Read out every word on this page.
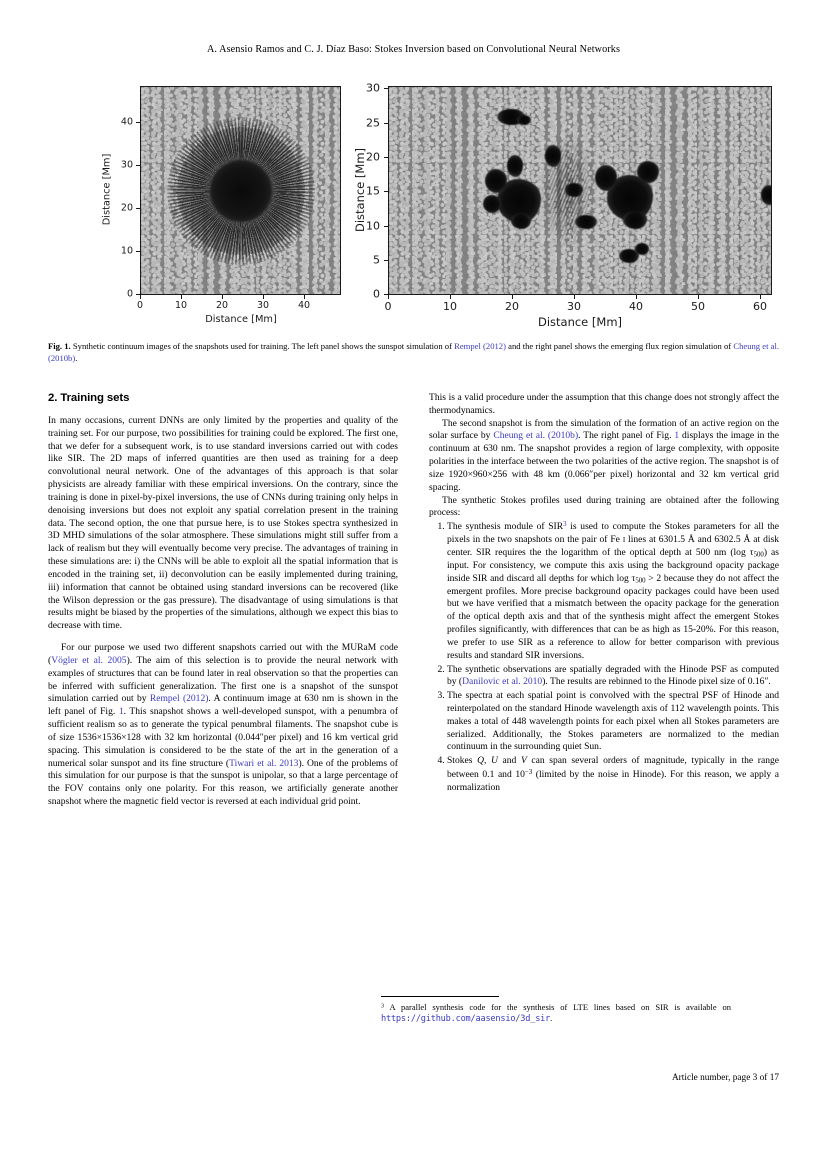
A. Asensio Ramos and C. J. Díaz Baso: Stokes Inversion based on Convolutional Neural Networks
0	10	20	30	40
Distance [Mm]
0
10
20
30
40
Distance [Mm]
0	10	20	30	40	50	60
Distance [Mm]
0
5
10
15
20
25
30
Distance [Mm]
Fig. 1. Synthetic continuum images of the snapshots used for training. The left panel shows the sunspot simulation of Rempel (2012) and the right panel shows the emerging flux region simulation of Cheung et al. (2010b).
2. Training sets

In many occasions, current DNNs are only limited by the properties and quality of the training set. For our purpose, two possibilities for training could be explored. The first one, that we defer for a subsequent work, is to use standard inversions carried out with codes like SIR. The 2D maps of inferred quantities are then used as training for a deep convolutional neural network. One of the advantages of this approach is that solar physicists are already familiar with these empirical inversions. On the contrary, since the training is done in pixel-by-pixel inversions, the use of CNNs during training only helps in denoising inversions but does not exploit any spatial correlation present in the training data. The second option, the one that pursue here, is to use Stokes spectra synthesized in 3D MHD simulations of the solar atmosphere. These simulations might still suffer from a lack of realism but they will eventually become very precise. The advantages of training in these simulations are: i) the CNNs will be able to exploit all the spatial information that is encoded in the training set, ii) deconvolution can be easily implemented during training, iii) information that cannot be obtained using standard inversions can be recovered (like the Wilson depression or the gas pressure). The disadvantage of using simulations is that results might be biased by the properties of the simulations, although we expect this bias to decrease with time.

For our purpose we used two different snapshots carried out with the MURaM code (Vögler et al. 2005). The aim of this selection is to provide the neural network with examples of structures that can be found later in real observation so that the properties can be inferred with sufficient generalization. The first one is a snapshot of the sunspot simulation carried out by Rempel (2012). A continuum image at 630 nm is shown in the left panel of Fig. 1. This snapshot shows a well-developed sunspot, with a penumbra of sufficient realism so as to generate the typical penumbral filaments. The snapshot cube is of size 1536×1536×128 with 32 km horizontal (0.044″per pixel) and 16 km vertical grid spacing. This simulation is considered to be the state of the art in the generation of a numerical solar sunspot and its fine structure (Tiwari et al. 2013). One of the problems of this simulation for our purpose is that the sunspot is unipolar, so that a large percentage of the FOV contains only one polarity. For this reason, we artificially generate another snapshot where the magnetic field vector is reversed at each individual grid point.

This is a valid procedure under the assumption that this change does not strongly affect the thermodynamics.

The second snapshot is from the simulation of the formation of an active region on the solar surface by Cheung et al. (2010b). The right panel of Fig. 1 displays the image in the continuum at 630 nm. The snapshot provides a region of large complexity, with opposite polarities in the interface between the two polarities of the active region. The snapshot is of size 1920×960×256 with 48 km (0.066″per pixel) horizontal and 32 km vertical grid spacing.

The synthetic Stokes profiles used during training are obtained after the following process:

1. The synthesis module of SIR$^3$ is used to compute the Stokes parameters for all the pixels in the two snapshots on the pair of Fe i lines at 6301.5 Å and 6302.5 Å at disk center. SIR requires the the logarithm of the optical depth at 500 nm (log $\tau_{500}$) as input. For consistency, we compute this axis using the background opacity package inside SIR and discard all depths for which $\log \tau_{500} > 2$ because they do not affect the emergent profiles. More precise background opacity packages could have been used but we have verified that a mismatch between the opacity package for the generation of the optical depth axis and that of the synthesis might affect the emergent Stokes profiles significantly, with differences that can be as high as 15-20%. For this reason, we prefer to use SIR as a reference to allow for better comparison with previous results and standard SIR inversions.
2. The synthetic observations are spatially degraded with the Hinode PSF as computed by (Danilovic et al. 2010). The results are rebinned to the Hinode pixel size of 0.16″.
3. The spectra at each spatial point is convolved with the spectral PSF of Hinode and reinterpolated on the standard Hinode wavelength axis of 112 wavelength points. This makes a total of 448 wavelength points for each pixel when all Stokes parameters are serialized. Additionally, the Stokes parameters are normalized to the median continuum in the surrounding quiet Sun.
4. Stokes Q, U and V can span several orders of magnitude, typically in the range between 0.1 and $10^{-3}$ (limited by the noise in Hinode). For this reason, we apply a normalization
$^3$ A parallel synthesis code for the synthesis of LTE lines based on SIR is available on https://github.com/aasensio/3d_sir.
Article number, page 3 of 17
